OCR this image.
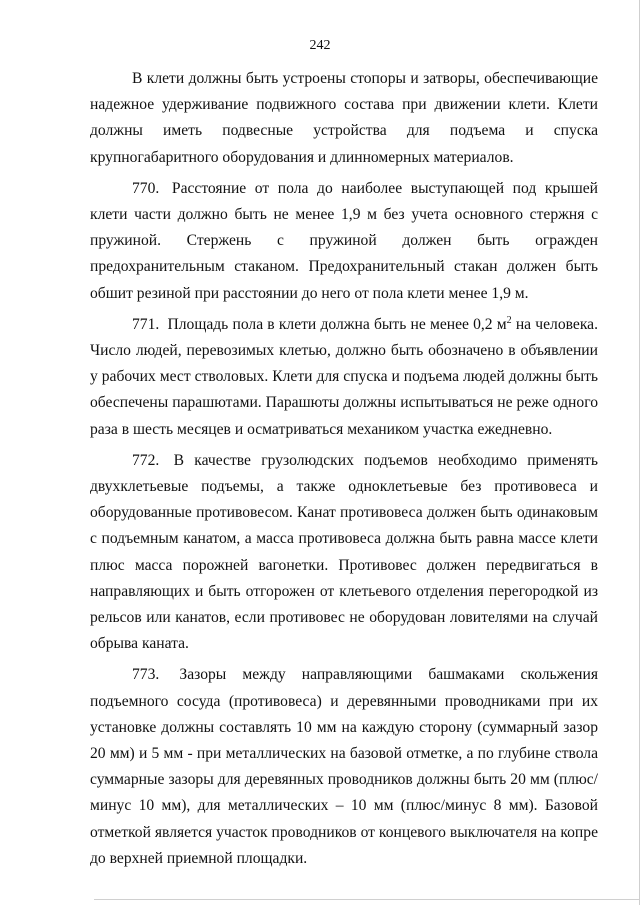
242

В клети должны быть устроены стопоры и затворы, обеспечивающие надежное удерживание подвижного состава при движении клети. Клети должны иметь подвесные устройства для подъема и спуска крупногабаритного оборудования и длинномерных материалов.

770. Расстояние от пола до наиболее выступающей под крышей клети части должно быть не менее 1,9 м без учета основного стержня с пружиной. Стержень с пружиной должен быть огражден предохранительным стаканом. Предохранительный стакан должен быть обшит резиной при расстоянии до него от пола клети менее 1,9 м.

771. Площадь пола в клети должна быть не менее 0,2 $м^2$ на человека. Число людей, перевозимых клетью, должно быть обозначено в объявлении у рабочих мест стволовых. Клети для спуска и подъема людей должны быть обеспечены парашютами. Парашюты должны испытываться не реже одного раза в шесть месяцев и осматриваться механиком участка ежедневно.

772. В качестве грузолюдских подъемов необходимо применять двухклетьевые подъемы, а также одноклетьевые без противовеса и оборудованные противовесом. Канат противовеса должен быть одинаковым с подъемным канатом, а масса противовеса должна быть равна массе клети плюс масса порожней вагонетки. Противовес должен передвигаться в направляющих и быть отгорожен от клетьевого отделения перегородкой из рельсов или канатов, если противовес не оборудован ловителями на случай обрыва каната.

773. Зазоры между направляющими башмаками скольжения подъемного сосуда (противовеса) и деревянными проводниками при их установке должны составлять 10 мм на каждую сторону (суммарный зазор 20 мм) и 5 мм - при металлических на базовой отметке, а по глубине ствола суммарные зазоры для деревянных проводников должны быть 20 мм (плюс/минус 10 мм), для металлических – 10 мм (плюс/минус 8 мм). Базовой отметкой является участок проводников от концевого выключателя на копре до верхней приемной площадки.
